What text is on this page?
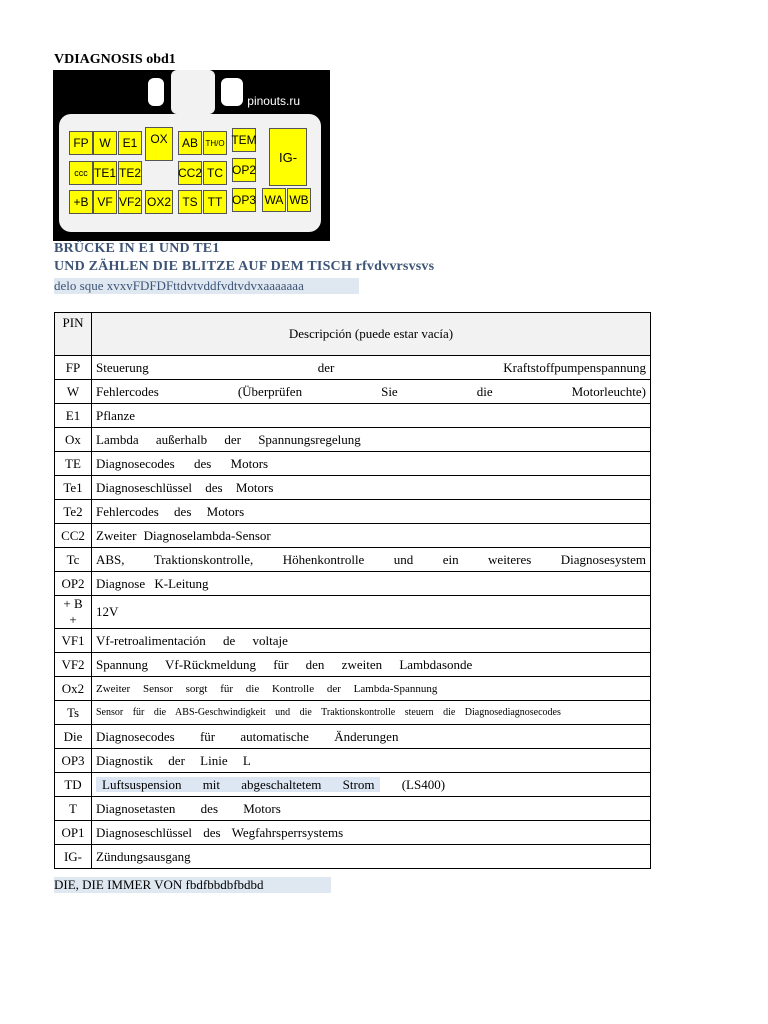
VDIAGNOSIS obd1
pinouts.ru
FP W	E1	OX	AB TH/O TEM
IG-
ccc TE1 TE2	CC2 TC OP2
+B VF VF2 OX2 TS TT OP3 WA WB
BRÜCKE IN E1 UND TE1
UND ZÄHLEN DIE BLITZE AUF DEM TISCH rfvdvvrsvsvs
delo sque xvxvFDFDFttdvtvddfvdtvdvxaaaaaaa
PIN	Descripción (puede estar vacía)
FP	Steuerung der Kraftstoffpumpenspannung
W	Fehlercodes (Überprüfen Sie die Motorleuchte)
E1	Pflanze
Ox	Lambda außerhalb der Spannungsregelung
TE	Diagnosecodes des Motors
Te1	Diagnoseschlüssel des Motors
Te2	Fehlercodes des Motors
CC2	Zweiter Diagnoselambda-Sensor
Tc	ABS, Traktionskontrolle, Höhenkontrolle und ein weiteres Diagnosesystem
OP2	Diagnose K-Leitung
+ B +	12V
VF1	Vf-retroalimentación de voltaje
VF2	Spannung Vf-Rückmeldung für den zweiten Lambdasonde
Ox2	Zweiter Sensor sorgt für die Kontrolle der Lambda-Spannung
Ts	Sensor für die ABS-Geschwindigkeit und die Traktionskontrolle steuern die Diagnosediagnosecodes
Die	Diagnosecodes für automatische Änderungen
OP3	Diagnostik der Linie L
TD	Luftsuspension mit abgeschaltetem Strom (LS400)
T	Diagnosetasten des Motors
OP1	Diagnoseschlüssel des Wegfahrsperrsystems
IG-	Zündungsausgang
DIE, DIE IMMER VON fbdfbbdbfbdbd
